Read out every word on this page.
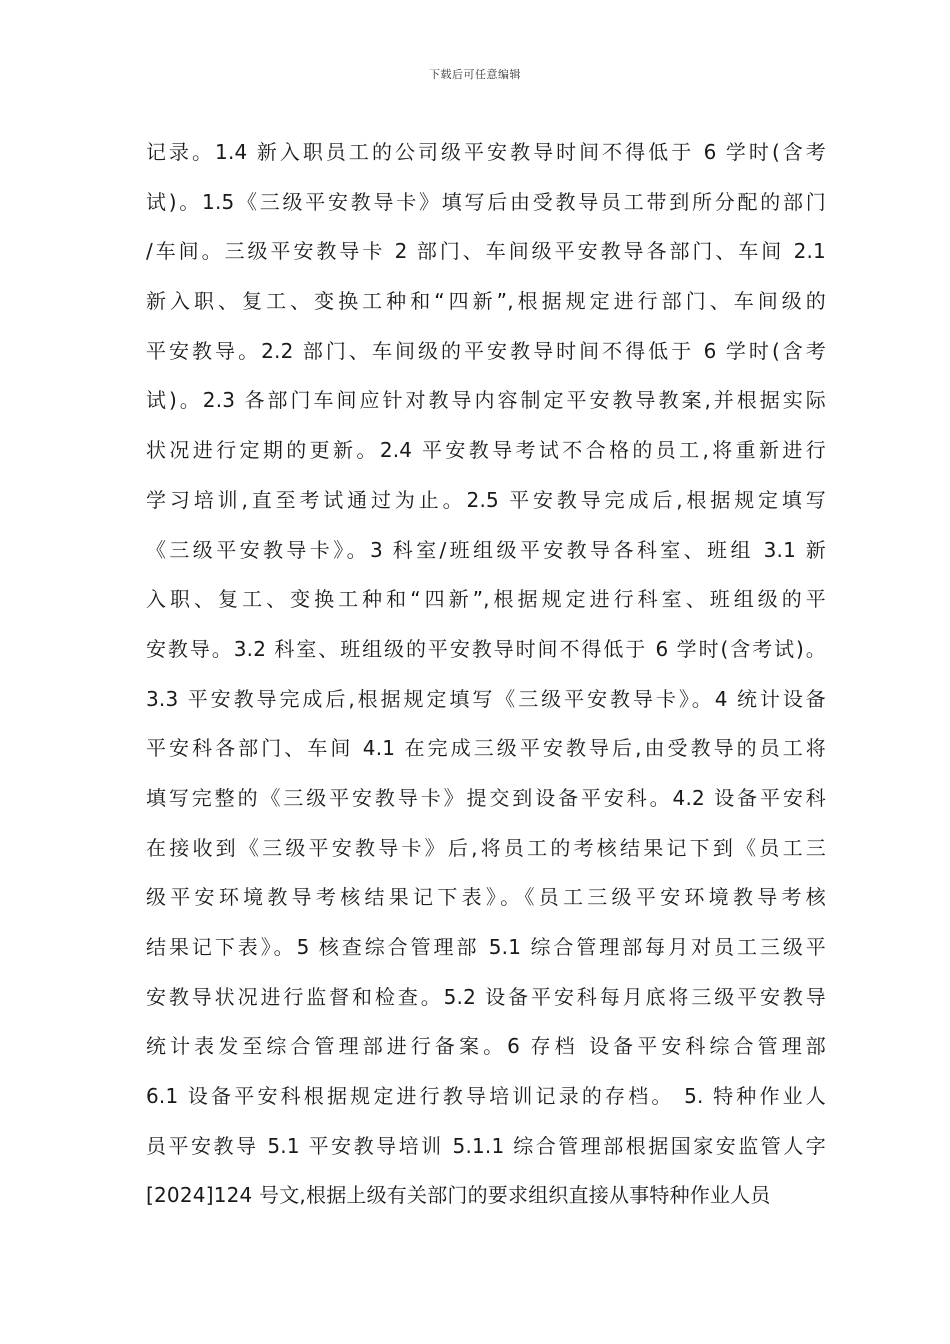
下载后可任意编辑
记录。1.4 新入职员工的公司级平安教导时间不得低于 6 学时(含考
试)。1.5《三级平安教导卡》填写后由受教导员工带到所分配的部门
/车间。三级平安教导卡 2 部门、车间级平安教导各部门、车间 2.1
新入职、复工、变换工种和“四新”,根据规定进行部门、车间级的
平安教导。2.2 部门、车间级的平安教导时间不得低于 6 学时(含考
试)。2.3 各部门车间应针对教导内容制定平安教导教案,并根据实际
状况进行定期的更新。2.4 平安教导考试不合格的员工,将重新进行
学习培训,直至考试通过为止。2.5 平安教导完成后,根据规定填写
《三级平安教导卡》。3 科室/班组级平安教导各科室、班组 3.1 新
入职、复工、变换工种和“四新”,根据规定进行科室、班组级的平
安教导。3.2 科室、班组级的平安教导时间不得低于 6 学时(含考试)。
3.3 平安教导完成后,根据规定填写《三级平安教导卡》。4 统计设备
平安科各部门、车间 4.1 在完成三级平安教导后,由受教导的员工将
填写完整的《三级平安教导卡》提交到设备平安科。4.2 设备平安科
在接收到《三级平安教导卡》后,将员工的考核结果记下到《员工三
级平安环境教导考核结果记下表》。《员工三级平安环境教导考核
结果记下表》。5 核查综合管理部 5.1 综合管理部每月对员工三级平
安教导状况进行监督和检查。5.2 设备平安科每月底将三级平安教导
统计表发至综合管理部进行备案。6 存档 设备平安科综合管理部
6.1 设备平安科根据规定进行教导培训记录的存档。 5. 特种作业人
员平安教导 5.1 平安教导培训 5.1.1 综合管理部根据国家安监管人字
[2024]124 号文,根据上级有关部门的要求组织直接从事特种作业人员
